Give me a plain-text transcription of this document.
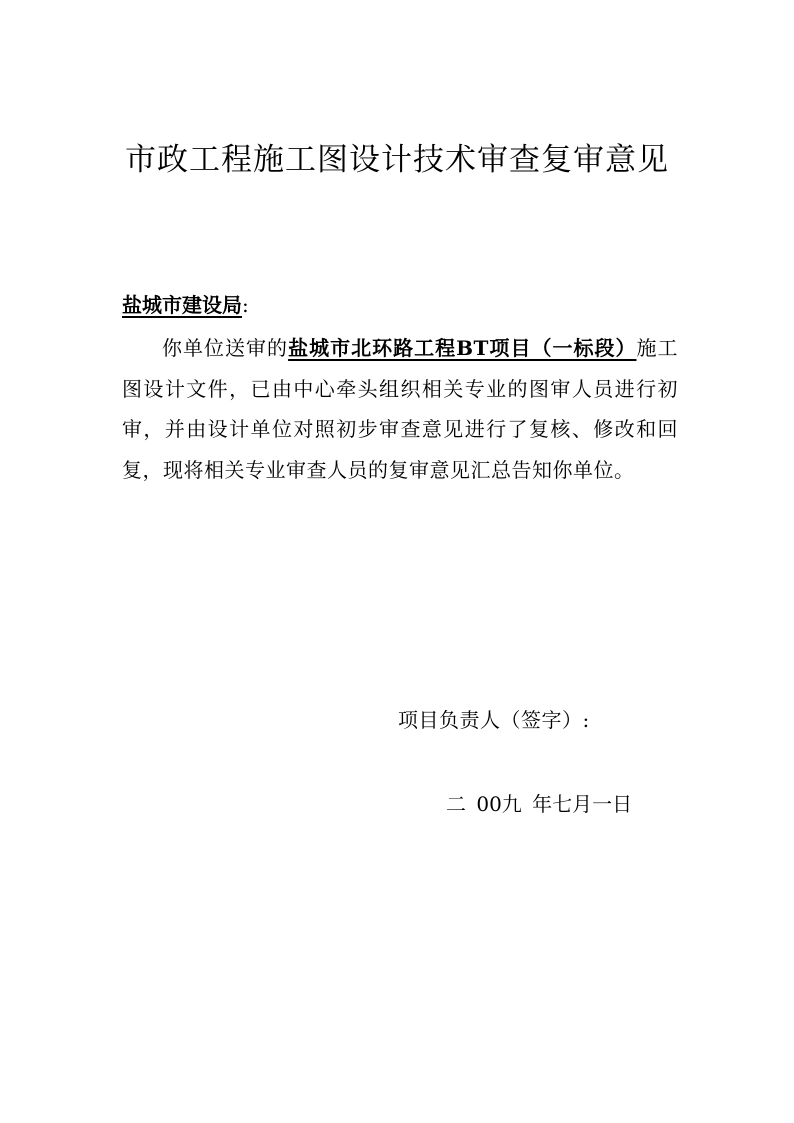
市政工程施工图设计技术审查复审意见
盐城市建设局:
你单位送审的盐城市北环路工程BT项目（一标段）施工图设计文件，已由中心牵头组织相关专业的图审人员进行初审，并由设计单位对照初步审查意见进行了复核、修改和回复，现将相关专业审查人员的复审意见汇总告知你单位。
项目负责人（签字）:
二 00九 年七月一日
